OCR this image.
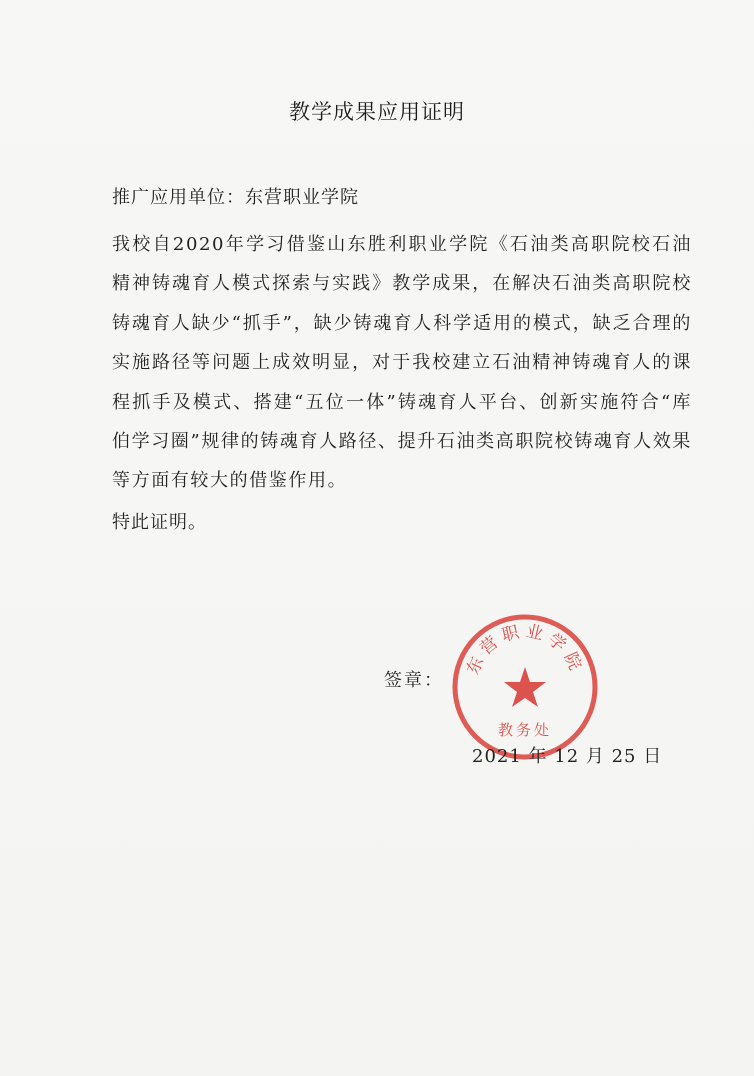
教学成果应用证明
推广应用单位：东营职业学院
我校自2020年学习借鉴山东胜利职业学院《石油类高职院校石油精神铸魂育人模式探索与实践》教学成果，在解决石油类高职院校铸魂育人缺少“抓手”，缺少铸魂育人科学适用的模式，缺乏合理的实施路径等问题上成效明显，对于我校建立石油精神铸魂育人的课程抓手及模式、搭建“五位一体”铸魂育人平台、创新实施符合“库伯学习圈”规律的铸魂育人路径、提升石油类高职院校铸魂育人效果等方面有较大的借鉴作用。
特此证明。
签章：
东营职业学院
教务处
2021 年 12 月 25 日
